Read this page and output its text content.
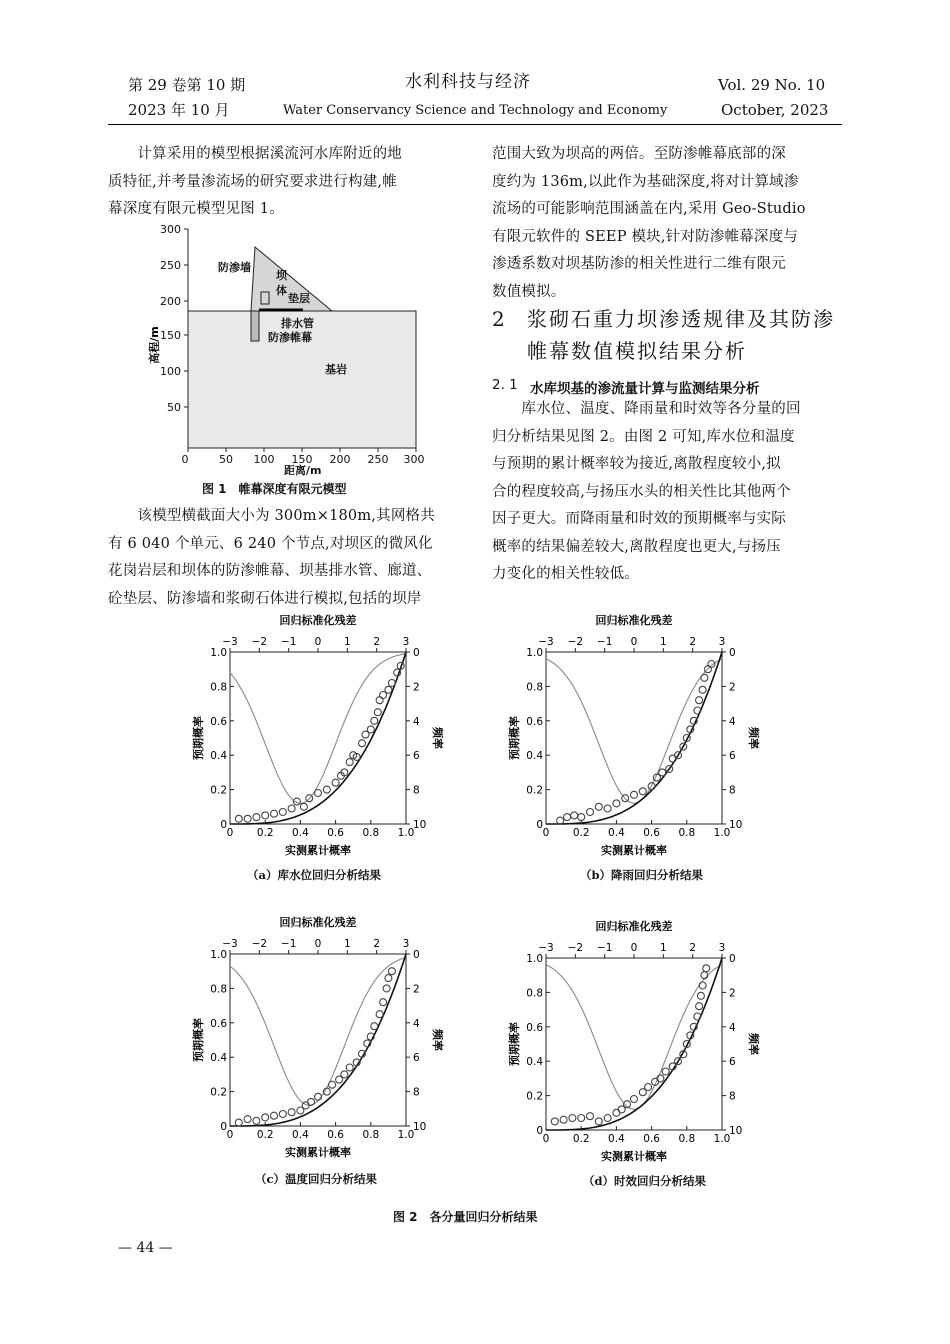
第 29 卷第 10 期
2023 年 10 月
水利科技与经济
Water Conservancy Science and Technology and Economy
Vol. 29 No. 10
October, 2023
　　计算采用的模型根据溪流河水库附近的地
质特征,并考量渗流场的研究要求进行构建,帷
幕深度有限元模型见图 1。
0	50 100 150 200 250 300
50
100
150
200
250
300
防渗墙
坝
体
垫层
排水管
防渗帷幕
基岩
高程/m
距离/m
图 1　帷幕深度有限元模型
　　该模型横截面大小为 300m×180m,其网格共
有 6 040 个单元、6 240 个节点,对坝区的微风化
花岗岩层和坝体的防渗帷幕、坝基排水管、廊道、
砼垫层、防渗墙和浆砌石体进行模拟,包括的坝岸
范围大致为坝高的两倍。至防渗帷幕底部的深
度约为 136m,以此作为基础深度,将对计算域渗
流场的可能影响范围涵盖在内,采用 Geo-Studio
有限元软件的 SEEP 模块,针对防渗帷幕深度与
渗透系数对坝基防渗的相关性进行二维有限元
数值模拟。
2 浆砌石重力坝渗透规律及其防渗
帷幕数值模拟结果分析
2. 1 水库坝基的渗流量计算与监测结果分析
　　库水位、温度、降雨量和时效等各分量的回
归分析结果见图 2。由图 2 可知,库水位和温度
与预期的累计概率较为接近,离散程度较小,拟
合的程度较高,与扬压水头的相关性比其他两个
因子更大。而降雨量和时效的预期概率与实际
概率的结果偏差较大,离散程度也更大,与扬压
力变化的相关性较低。
回归标准化残差
−3 −2 −1 0 1 2 3
0 0.2 0.4 0.6 0.8 1.0
0
0.2
0.4
0.6
0.8
1.0	0
2
4
6
8
10
实测累计概率
预期概率	频率
回归标准化残差
−3 −2 −1 0 1 2 3
0 0.2 0.4 0.6 0.8 1.0
0
0.2
0.4
0.6
0.8
1.0	0
2
4
6
8
10
实测累计概率
预期概率	频率
回归标准化残差
−3 −2 −1 0 1 2 3
0 0.2 0.4 0.6 0.8 1.0
0
0.2
0.4
0.6
0.8
1.0	0
2
4
6
8
10
实测累计概率
预期概率	频率
回归标准化残差
−3 −2 −1 0 1 2 3
0 0.2 0.4 0.6 0.8 1.0
0
0.2
0.4
0.6
0.8
1.0	0
2
4
6
8
10
实测累计概率
预期概率	频率
（a）库水位回归分析结果	（b）降雨回归分析结果
（c）温度回归分析结果	（d）时效回归分析结果
图 2　各分量回归分析结果
— 44 —
